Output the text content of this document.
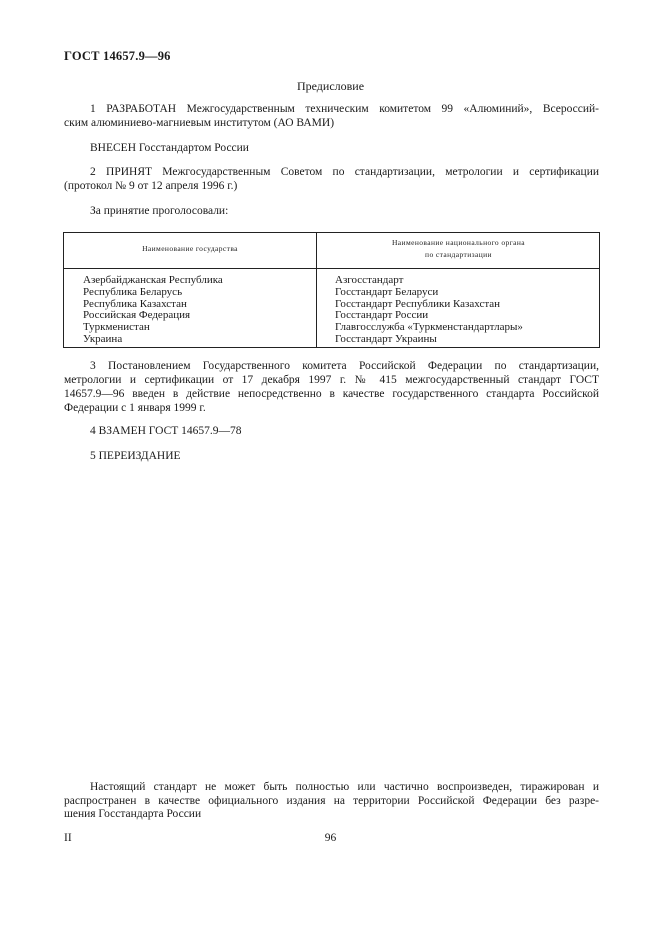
ГОСТ 14657.9—96
Предисловие
1 РАЗРАБОТАН Межгосударственным техническим комитетом 99 «Алюминий», Всероссий-
ским алюминиево-магниевым институтом (АО ВАМИ)
ВНЕСЕН Госстандартом России
2 ПРИНЯТ Межгосударственным Советом по стандартизации, метрологии и сертификации
(протокол № 9 от 12 апреля 1996 г.)
За принятие проголосовали:
Наименование государства
Наименование национального органа
по стандартизации
Азербайджанская Республика
Республика Беларусь
Республика Казахстан
Российская Федерация
Туркменистан
Украина
Азгосстандарт
Госстандарт Беларуси
Госстандарт Республики Казахстан
Госстандарт России
Главгосслужба «Туркменстандартлары»
Госстандарт Украины
3 Постановлением Государственного комитета Российской Федерации по стандартизации,
метрологии и сертификации от 17 декабря 1997 г. № 415 межгосударственный стандарт ГОСТ
14657.9—96 введен в действие непосредственно в качестве государственного стандарта Российской
Федерации с 1 января 1999 г.
4 ВЗАМЕН ГОСТ 14657.9—78
5 ПЕРЕИЗДАНИЕ
Настоящий стандарт не может быть полностью или частично воспроизведен, тиражирован и
распространен в качестве официального издания на территории Российской Федерации без разре-
шения Госстандарта России
II	96
